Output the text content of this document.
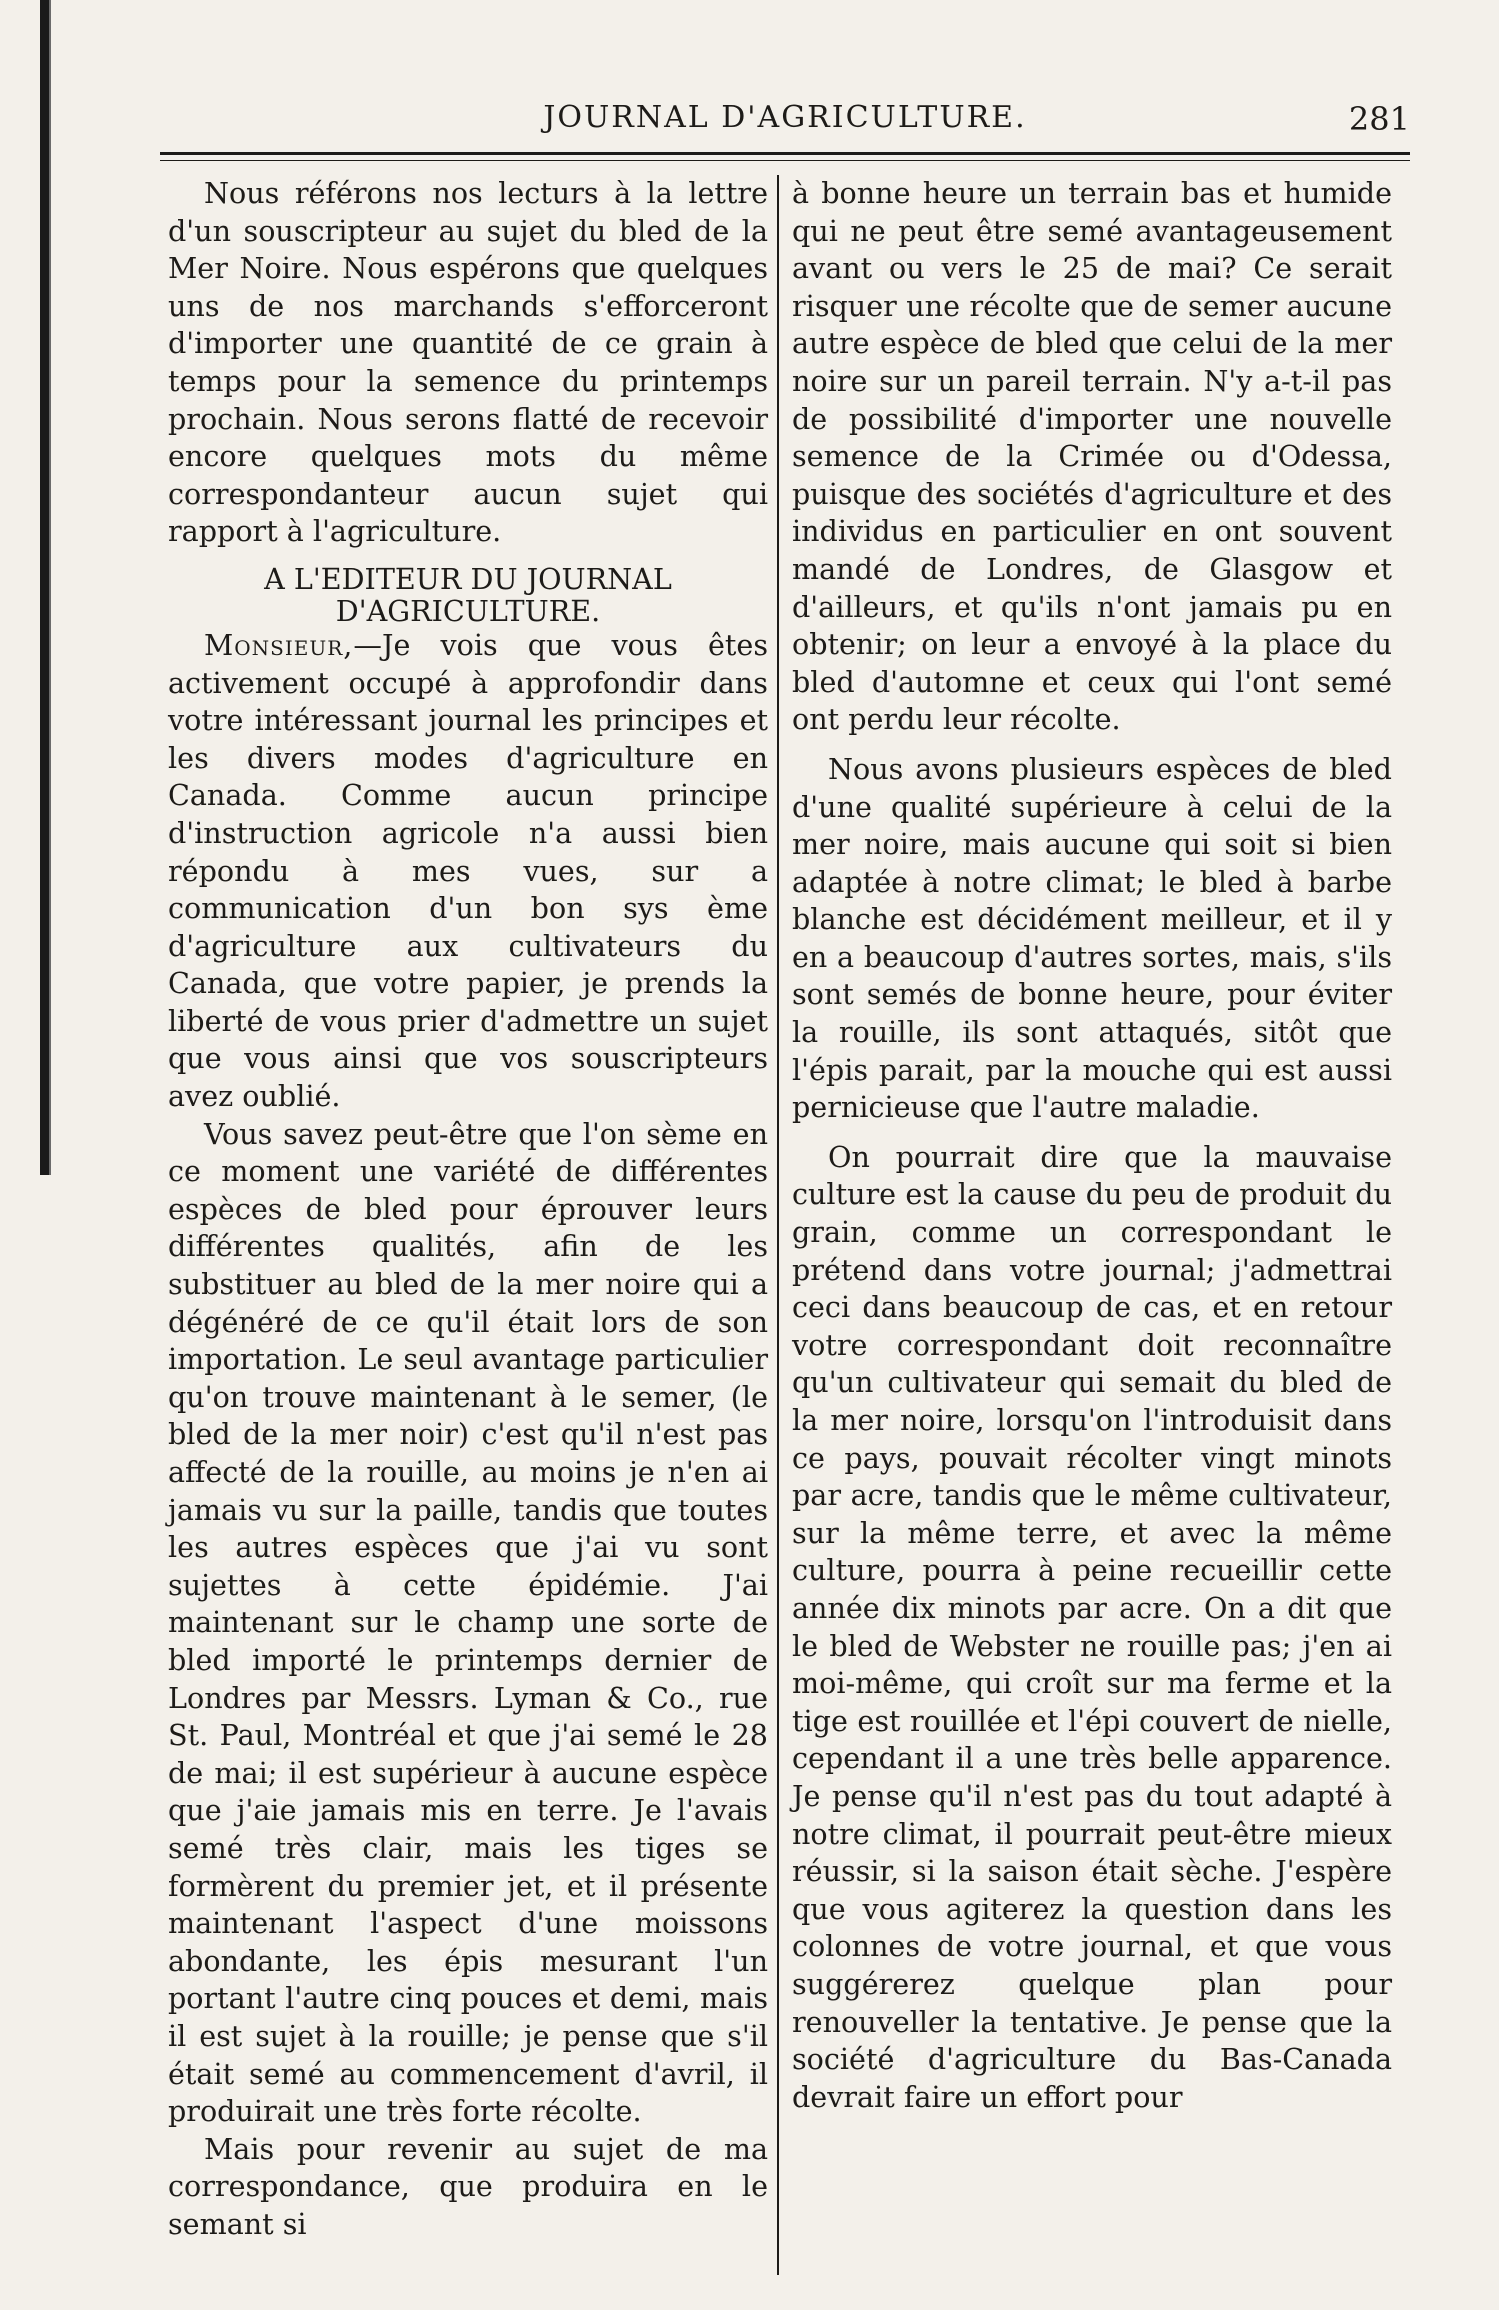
JOURNAL D'AGRICULTURE.	281

Nous référons nos lecturs à la lettre d'un souscripteur au sujet du bled de la Mer Noire. Nous espérons que quelques uns de nos marchands s'efforceront d'importer une quantité de ce grain à temps pour la semence du printemps prochain. Nous serons flatté de recevoir encore quelques mots du même correspondanteur aucun sujet qui rapport à l'agriculture.

A L'EDITEUR DU JOURNAL D'AGRICULTURE.

Monsieur,—Je vois que vous êtes activement occupé à approfondir dans votre intéressant journal les principes et les divers modes d'agriculture en Canada. Comme aucun principe d'instruction agricole n'a aussi bien répondu à mes vues, sur a communication d'un bon sys ème d'agriculture aux cultivateurs du Canada, que votre papier, je prends la liberté de vous prier d'admettre un sujet que vous ainsi que vos souscripteurs avez oublié.

Vous savez peut-être que l'on sème en ce moment une variété de différentes espèces de bled pour éprouver leurs différentes qualités, afin de les substituer au bled de la mer noire qui a dégénéré de ce qu'il était lors de son importation. Le seul avantage particulier qu'on trouve maintenant à le semer, (le bled de la mer noir) c'est qu'il n'est pas affecté de la rouille, au moins je n'en ai jamais vu sur la paille, tandis que toutes les autres espèces que j'ai vu sont sujettes à cette épidémie. J'ai maintenant sur le champ une sorte de bled importé le printemps dernier de Londres par Messrs. Lyman & Co., rue St. Paul, Montréal et que j'ai semé le 28 de mai; il est supérieur à aucune espèce que j'aie jamais mis en terre. Je l'avais semé très clair, mais les tiges se formèrent du premier jet, et il présente maintenant l'aspect d'une moissons abondante, les épis mesurant l'un portant l'autre cinq pouces et demi, mais il est sujet à la rouille; je pense que s'il était semé au commencement d'avril, il produirait une très forte récolte.

Mais pour revenir au sujet de ma correspondance, que produira en le semant si

à bonne heure un terrain bas et humide qui ne peut être semé avantageusement avant ou vers le 25 de mai? Ce serait risquer une récolte que de semer aucune autre espèce de bled que celui de la mer noire sur un pareil terrain. N'y a-t-il pas de possibilité d'importer une nouvelle semence de la Crimée ou d'Odessa, puisque des sociétés d'agriculture et des individus en particulier en ont souvent mandé de Londres, de Glasgow et d'ailleurs, et qu'ils n'ont jamais pu en obtenir; on leur a envoyé à la place du bled d'automne et ceux qui l'ont semé ont perdu leur récolte.

Nous avons plusieurs espèces de bled d'une qualité supérieure à celui de la mer noire, mais aucune qui soit si bien adaptée à notre climat; le bled à barbe blanche est décidément meilleur, et il y en a beaucoup d'autres sortes, mais, s'ils sont semés de bonne heure, pour éviter la rouille, ils sont attaqués, sitôt que l'épis parait, par la mouche qui est aussi pernicieuse que l'autre maladie.

On pourrait dire que la mauvaise culture est la cause du peu de produit du grain, comme un correspondant le prétend dans votre journal; j'admettrai ceci dans beaucoup de cas, et en retour votre correspondant doit reconnaître qu'un cultivateur qui semait du bled de la mer noire, lorsqu'on l'introduisit dans ce pays, pouvait récolter vingt minots par acre, tandis que le même cultivateur, sur la même terre, et avec la même culture, pourra à peine recueillir cette année dix minots par acre. On a dit que le bled de Webster ne rouille pas; j'en ai moi-même, qui croît sur ma ferme et la tige est rouillée et l'épi couvert de nielle, cependant il a une très belle apparence. Je pense qu'il n'est pas du tout adapté à notre climat, il pourrait peut-être mieux réussir, si la saison était sèche. J'espère que vous agiterez la question dans les colonnes de votre journal, et que vous suggérerez quelque plan pour renouveller la tentative. Je pense que la société d'agriculture du Bas-Canada devrait faire un effort pour
